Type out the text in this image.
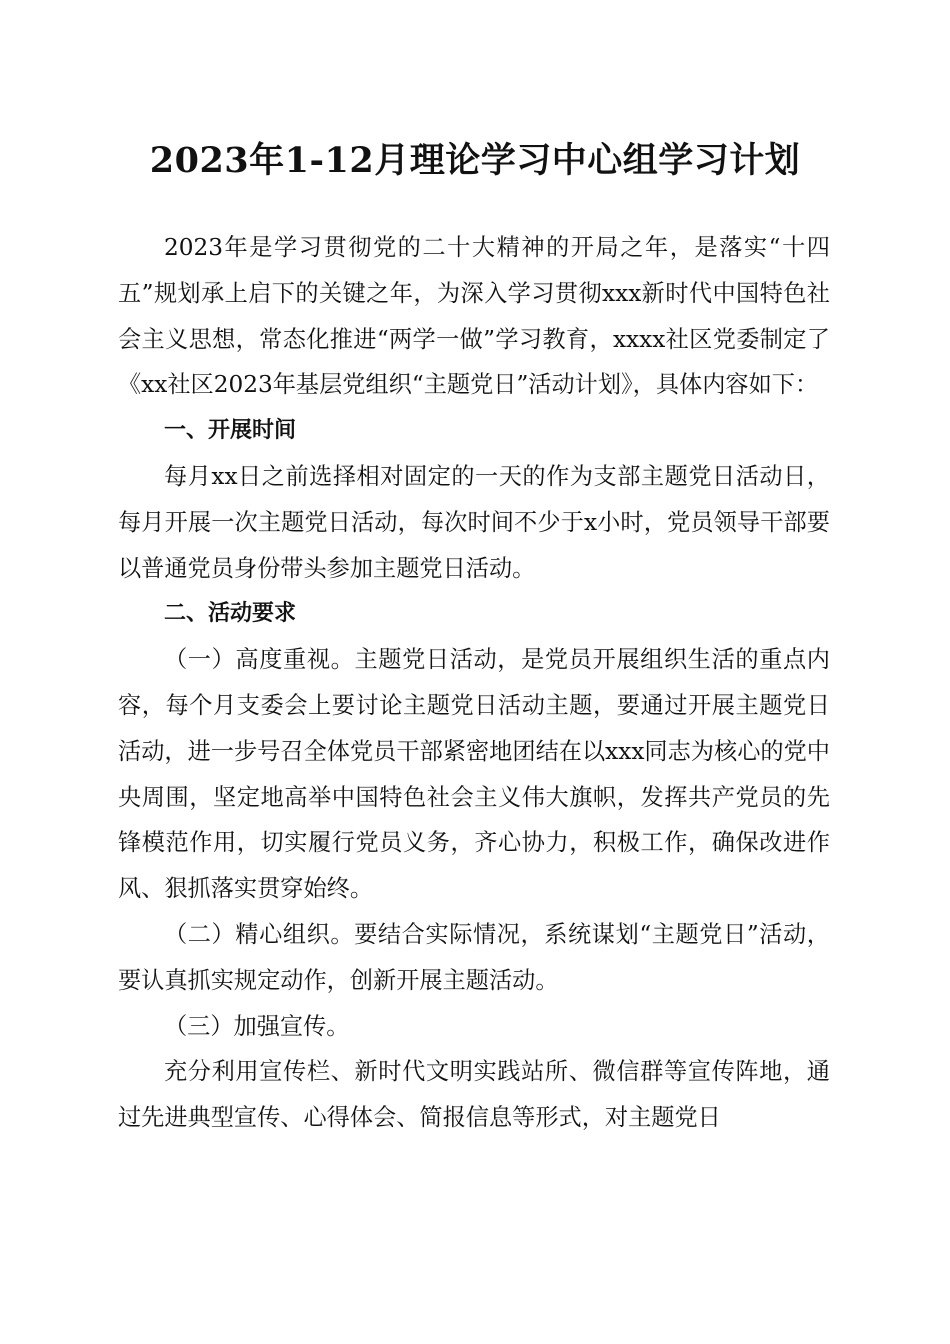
2023年1-12月理论学习中心组学习计划

2023年是学习贯彻党的二十大精神的开局之年，是落实“十四五”规划承上启下的关键之年，为深入学习贯彻xxx新时代中国特色社会主义思想，常态化推进“两学一做”学习教育，xxxx社区党委制定了《xx社区2023年基层党组织“主题党日”活动计划》，具体内容如下：

一、开展时间

每月xx日之前选择相对固定的一天的作为支部主题党日活动日，每月开展一次主题党日活动，每次时间不少于x小时，党员领导干部要以普通党员身份带头参加主题党日活动。

二、活动要求

（一）高度重视。主题党日活动，是党员开展组织生活的重点内容，每个月支委会上要讨论主题党日活动主题，要通过开展主题党日活动，进一步号召全体党员干部紧密地团结在以xxx同志为核心的党中央周围，坚定地高举中国特色社会主义伟大旗帜，发挥共产党员的先锋模范作用，切实履行党员义务，齐心协力，积极工作，确保改进作风、狠抓落实贯穿始终。

（二）精心组织。要结合实际情况，系统谋划“主题党日”活动，要认真抓实规定动作，创新开展主题活动。

（三）加强宣传。

充分利用宣传栏、新时代文明实践站所、微信群等宣传阵地，通过先进典型宣传、心得体会、简报信息等形式，对主题党日
